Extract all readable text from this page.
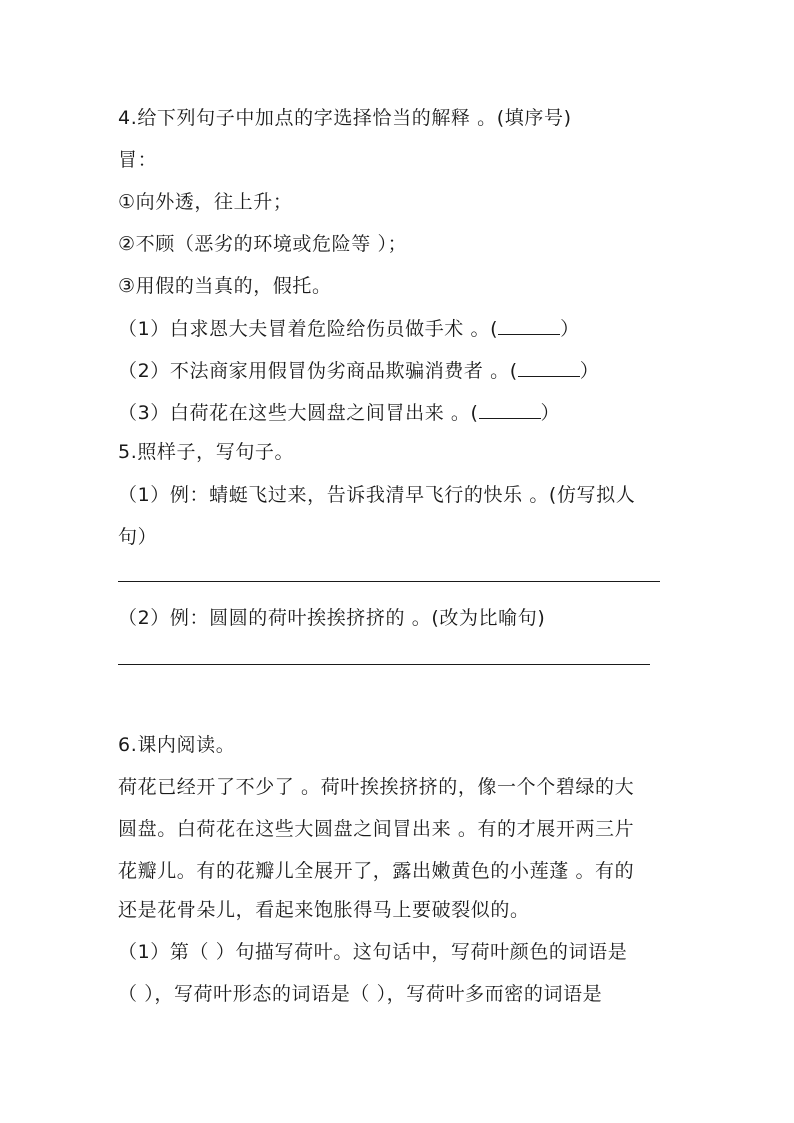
4.给下列句子中加点的字选择恰当的解释 。(填序号)
冒：
①向外透，往上升；
②不顾（恶劣的环境或危险等 ）；
③用假的当真的，假托。
（1）白求恩大夫冒着危险给伤员做手术 。(	）
（2）不法商家用假冒伪劣商品欺骗消费者 。(	）
（3）白荷花在这些大圆盘之间冒出来 。(	）
5.照样子，写句子。
（1）例：蜻蜓飞过来，告诉我清早飞行的快乐 。(仿写拟人
句）
（2）例：圆圆的荷叶挨挨挤挤的 。(改为比喻句)
6.课内阅读。
荷花已经开了不少了 。荷叶挨挨挤挤的，像一个个碧绿的大
圆盘。白荷花在这些大圆盘之间冒出来 。有的才展开两三片
花瓣儿。有的花瓣儿全展开了，露出嫩黄色的小莲蓬 。有的
还是花骨朵儿，看起来饱胀得马上要破裂似的。
（1）第（ ）句描写荷叶。这句话中，写荷叶颜色的词语是
（ ），写荷叶形态的词语是（ ），写荷叶多而密的词语是
